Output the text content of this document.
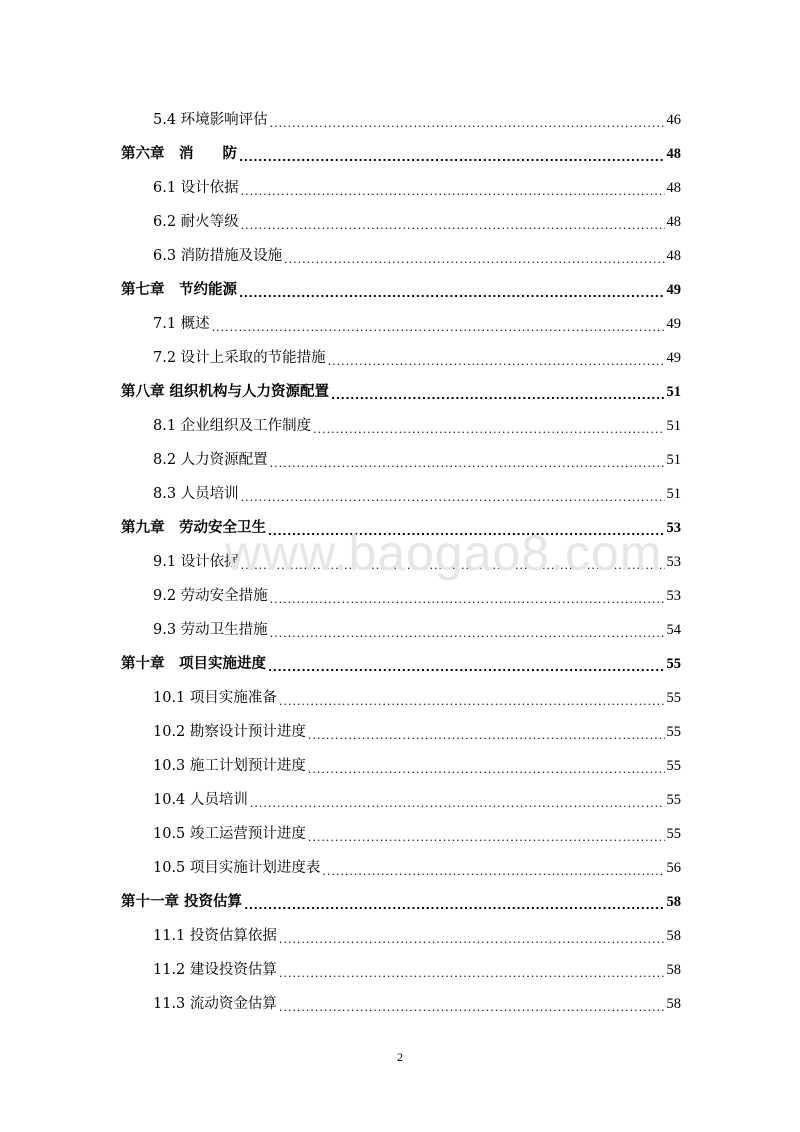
5.4 环境影响评估 .....	46
第六章　消　　防 .....	48
6.1 设计依据 .....	48
6.2 耐火等级 .....	48
6.3 消防措施及设施 .....	48
第七章　节约能源 .....	49
7.1 概述 .....	49
7.2 设计上采取的节能措施 .....	49
第八章 组织机构与人力资源配置 .....	51
8.1 企业组织及工作制度 .....	51
8.2 人力资源配置 .....	51
8.3 人员培训 .....	51
第九章　劳动安全卫生 .....	53
9.1 设计依据 .....	53
9.2 劳动安全措施 .....	53
9.3 劳动卫生措施 .....	54
第十章　项目实施进度 .....	55
10.1 项目实施准备 .....	55
10.2 勘察设计预计进度 .....	55
10.3 施工计划预计进度 .....	55
10.4 人员培训 .....	55
10.5 竣工运营预计进度 .....	55
10.5 项目实施计划进度表 .....	56
第十一章 投资估算 .....	58
11.1 投资估算依据 .....	58
11.2 建设投资估算 .....	58
11.3 流动资金估算 .....	58
www.baogao8.com
2
